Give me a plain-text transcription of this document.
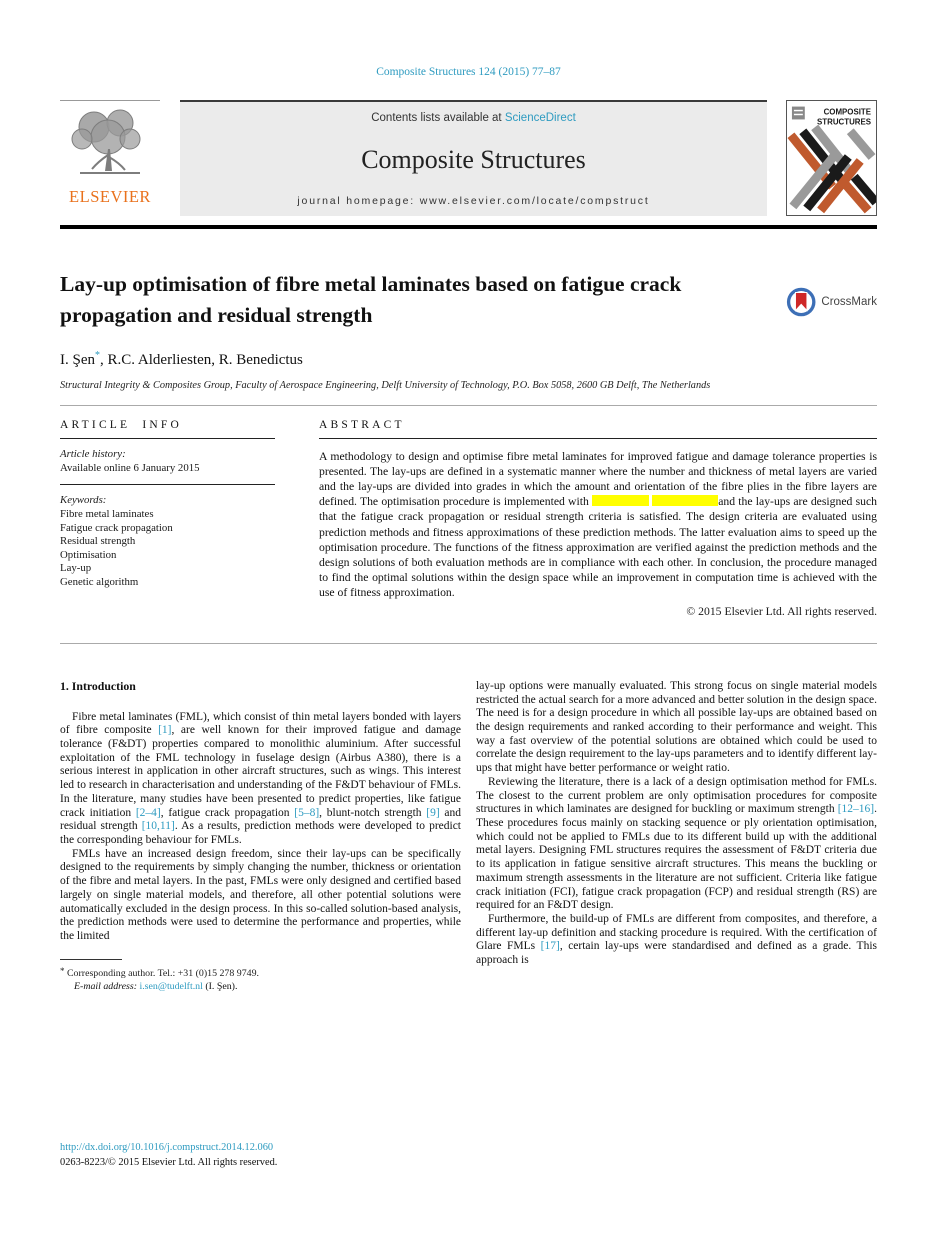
Composite Structures 124 (2015) 77–87
ELSEVIER
Contents lists available at ScienceDirect
Composite Structures
journal homepage: www.elsevier.com/locate/compstruct
COMPOSITE
STRUCTURES
Lay-up optimisation of fibre metal laminates based on fatigue crack propagation and residual strength
CrossMark
I. Şen*, R.C. Alderliesten, R. Benedictus
Structural Integrity & Composites Group, Faculty of Aerospace Engineering, Delft University of Technology, P.O. Box 5058, 2600 GB Delft, The Netherlands
ARTICLE INFO
Article history:
Available online 6 January 2015
Keywords:
Fibre metal laminates
Fatigue crack propagation
Residual strength
Optimisation
Lay-up
Genetic algorithm
ABSTRACT

A methodology to design and optimise fibre metal laminates for improved fatigue and damage tolerance properties is presented. The lay-ups are defined in a systematic manner where the number and thickness of metal layers are varied and the lay-ups are divided into grades in which the amount and orientation of the fibre plies in the fibre layers are defined. The optimisation procedure is implemented with	and the lay-ups are designed such that the fatigue crack propagation or residual strength criteria is satisfied. The design criteria are evaluated using prediction methods and fitness approximations of these prediction methods. The latter evaluation aims to speed up the optimisation procedure. The functions of the fitness approximation are verified against the prediction methods and the design solutions of both evaluation methods are in compliance with each other. In conclusion, the procedure managed to find the optimal solutions within the design space while an improvement in computation time is achieved with the use of fitness approximation.

© 2015 Elsevier Ltd. All rights reserved.
1. Introduction

Fibre metal laminates (FML), which consist of thin metal layers bonded with layers of fibre composite [1], are well known for their improved fatigue and damage tolerance (F&DT) properties compared to monolithic aluminium. After successful exploitation of the FML technology in fuselage design (Airbus A380), there is a serious interest in application in other aircraft structures, such as wings. This interest led to research in characterisation and understanding of the F&DT behaviour of FMLs. In the literature, many studies have been presented to predict properties, like fatigue crack initiation [2–4], fatigue crack propagation [5–8], blunt-notch strength [9] and residual strength [10,11]. As a results, prediction methods were developed to predict the corresponding behaviour for FMLs.

FMLs have an increased design freedom, since their lay-ups can be specifically designed to the requirements by simply changing the number, thickness or orientation of the fibre and metal layers. In the past, FMLs were only designed and certified based largely on single material models, and therefore, all other potential solutions were automatically excluded in the design process. In this so-called solution-based analysis, the prediction methods were used to determine the performance and properties, while the limited

* Corresponding author. Tel.: +31 (0)15 278 9749.
E-mail address: i.sen@tudelft.nl (I. Şen).

lay-up options were manually evaluated. This strong focus on single material models restricted the actual search for a more advanced and better solution in the design space. The need is for a design procedure in which all possible lay-ups are obtained based on the design requirements and ranked according to their performance and weight. This way a fast overview of the potential solutions are obtained which could be used to correlate the design requirement to the lay-ups parameters and to identify different lay-ups that might have better performance or weight ratio.

Reviewing the literature, there is a lack of a design optimisation method for FMLs. The closest to the current problem are only optimisation procedures for composite structures in which laminates are designed for buckling or maximum strength [12–16]. These procedures focus mainly on stacking sequence or ply orientation optimisation, which could not be applied to FMLs due to its different build up with the additional metal layers. Designing FML structures requires the assessment of F&DT criteria due to its application in fatigue sensitive aircraft structures. This means the buckling or maximum strength assessments in the literature are not sufficient. Criteria like fatigue crack initiation (FCI), fatigue crack propagation (FCP) and residual strength (RS) are required for an F&DT design.

Furthermore, the build-up of FMLs are different from composites, and therefore, a different lay-up definition and stacking procedure is required. With the certification of Glare FMLs [17], certain lay-ups were standardised and defined as a grade. This approach is

http://dx.doi.org/10.1016/j.compstruct.2014.12.060
0263-8223/© 2015 Elsevier Ltd. All rights reserved.
